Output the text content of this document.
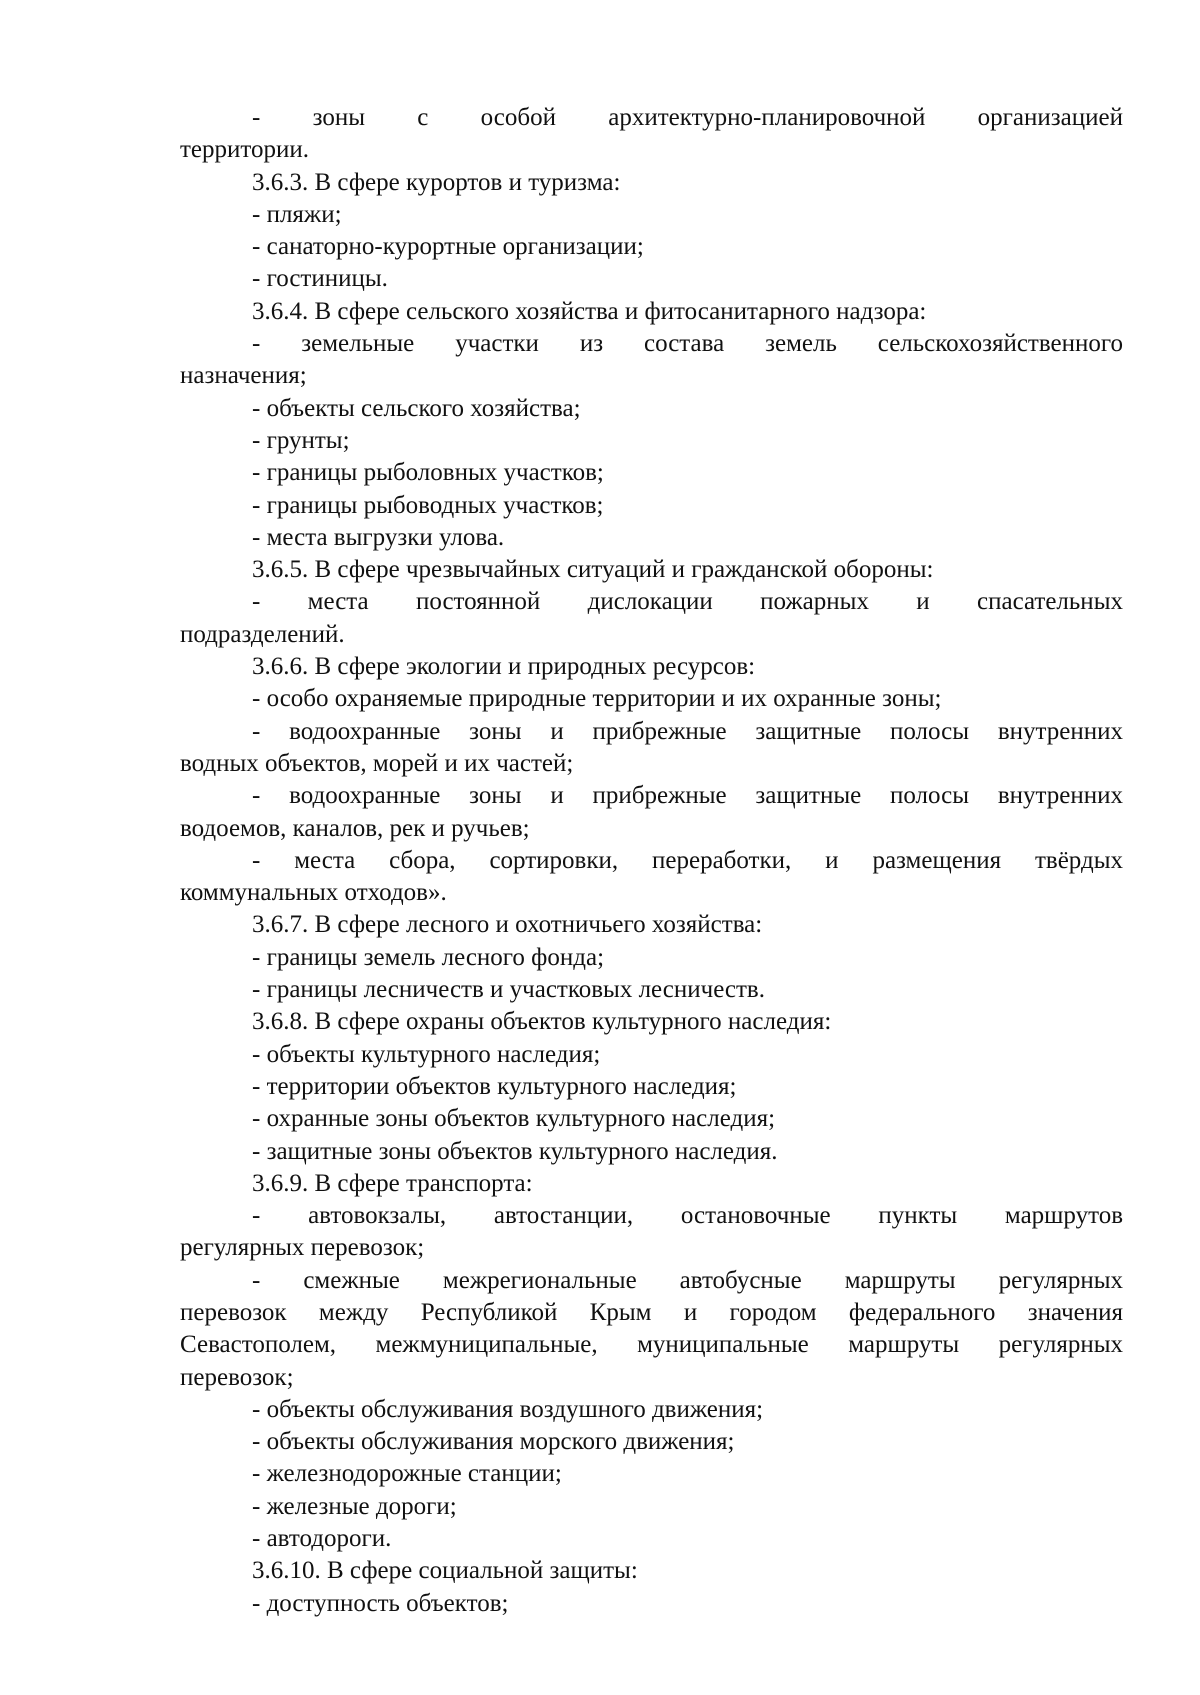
- зоны с особой архитектурно-планировочной организацией
территории.
3.6.3. В сфере курортов и туризма:
- пляжи;
- санаторно-курортные организации;
- гостиницы.
3.6.4. В сфере сельского хозяйства и фитосанитарного надзора:
- земельные участки из состава земель сельскохозяйственного
назначения;
- объекты сельского хозяйства;
- грунты;
- границы рыболовных участков;
- границы рыбоводных участков;
- места выгрузки улова.
3.6.5. В сфере чрезвычайных ситуаций и гражданской обороны:
- места постоянной дислокации пожарных и спасательных
подразделений.
3.6.6. В сфере экологии и природных ресурсов:
- особо охраняемые природные территории и их охранные зоны;
- водоохранные зоны и прибрежные защитные полосы внутренних
водных объектов, морей и их частей;
- водоохранные зоны и прибрежные защитные полосы внутренних
водоемов, каналов, рек и ручьев;
- места сбора, сортировки, переработки, и размещения твёрдых
коммунальных отходов».
3.6.7. В сфере лесного и охотничьего хозяйства:
- границы земель лесного фонда;
- границы лесничеств и участковых лесничеств.
3.6.8. В сфере охраны объектов культурного наследия:
- объекты культурного наследия;
- территории объектов культурного наследия;
- охранные зоны объектов культурного наследия;
- защитные зоны объектов культурного наследия.
3.6.9. В сфере транспорта:
- автовокзалы, автостанции, остановочные пункты маршрутов
регулярных перевозок;
- смежные межрегиональные автобусные маршруты регулярных
перевозок между Республикой Крым и городом федерального значения
Севастополем, межмуниципальные, муниципальные маршруты регулярных
перевозок;
- объекты обслуживания воздушного движения;
- объекты обслуживания морского движения;
- железнодорожные станции;
- железные дороги;
- автодороги.
3.6.10. В сфере социальной защиты:
- доступность объектов;
